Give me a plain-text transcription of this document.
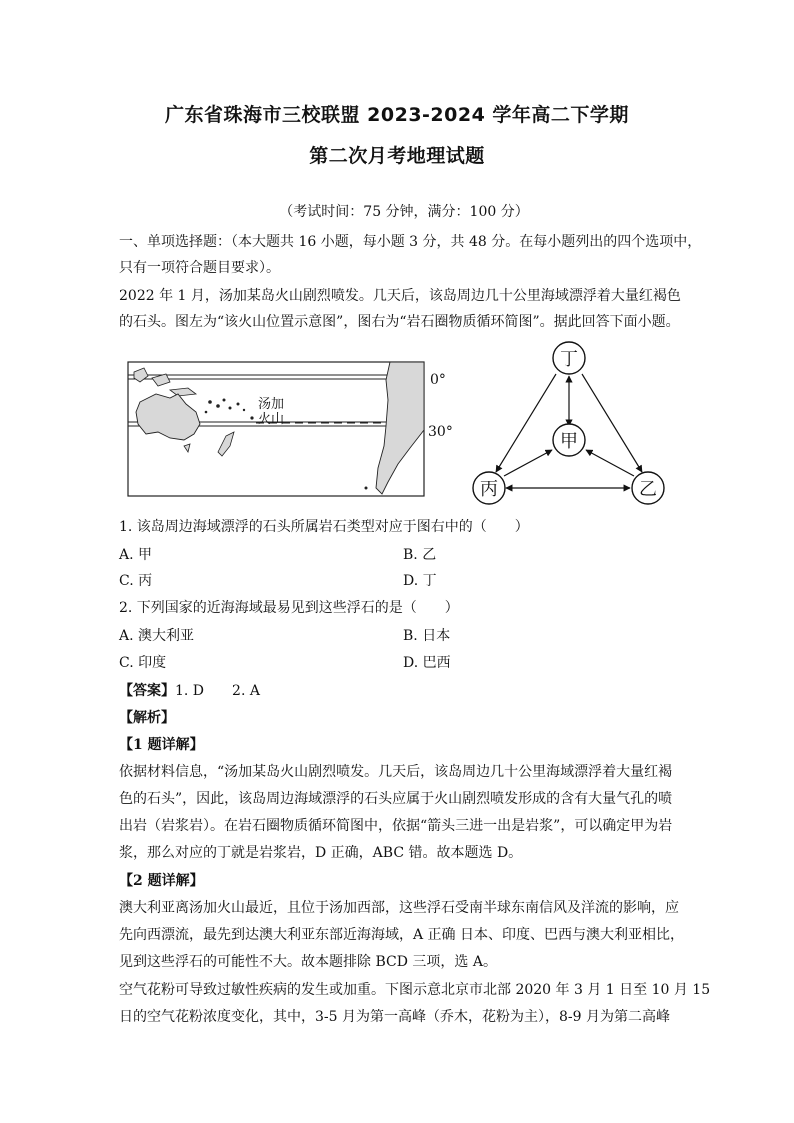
广东省珠海市三校联盟 2023-2024 学年高二下学期
第二次月考地理试题
（考试时间：75 分钟，满分：100 分）
一、单项选择题：（本大题共 16 小题，每小题 3 分，共 48 分。在每小题列出的四个选项中，
只有一项符合题目要求）。
2022 年 1 月，汤加某岛火山剧烈喷发。几天后，该岛周边几十公里海域漂浮着大量红褐色
的石头。图左为“该火山位置示意图”，图右为“岩石圈物质循环简图”。据此回答下面小题。
汤加
火山
0°
30°
丁
甲
丙	乙
1. 该岛周边海域漂浮的石头所属岩石类型对应于图右中的（　　）
A. 甲	B. 乙
C. 丙	D. 丁
2. 下列国家的近海海域最易见到这些浮石的是（　　）
A. 澳大利亚	B. 日本
C. 印度	D. 巴西
【答案】1. D　　2. A
【解析】
【1 题详解】
依据材料信息，“汤加某岛火山剧烈喷发。几天后，该岛周边几十公里海域漂浮着大量红褐
色的石头”，因此，该岛周边海域漂浮的石头应属于火山剧烈喷发形成的含有大量气孔的喷
出岩（岩浆岩）。在岩石圈物质循环简图中，依据“箭头三进一出是岩浆”，可以确定甲为岩
浆，那么对应的丁就是岩浆岩，D 正确，ABC 错。故本题选 D。
【2 题详解】
澳大利亚离汤加火山最近，且位于汤加西部，这些浮石受南半球东南信风及洋流的影响，应
先向西漂流，最先到达澳大利亚东部近海海域，A 正确 日本、印度、巴西与澳大利亚相比，
见到这些浮石的可能性不大。故本题排除 BCD 三项，选 A。
空气花粉可导致过敏性疾病的发生或加重。下图示意北京市北部 2020 年 3 月 1 日至 10 月 15
日的空气花粉浓度变化，其中，3-5 月为第一高峰（乔木，花粉为主），8-9 月为第二高峰
